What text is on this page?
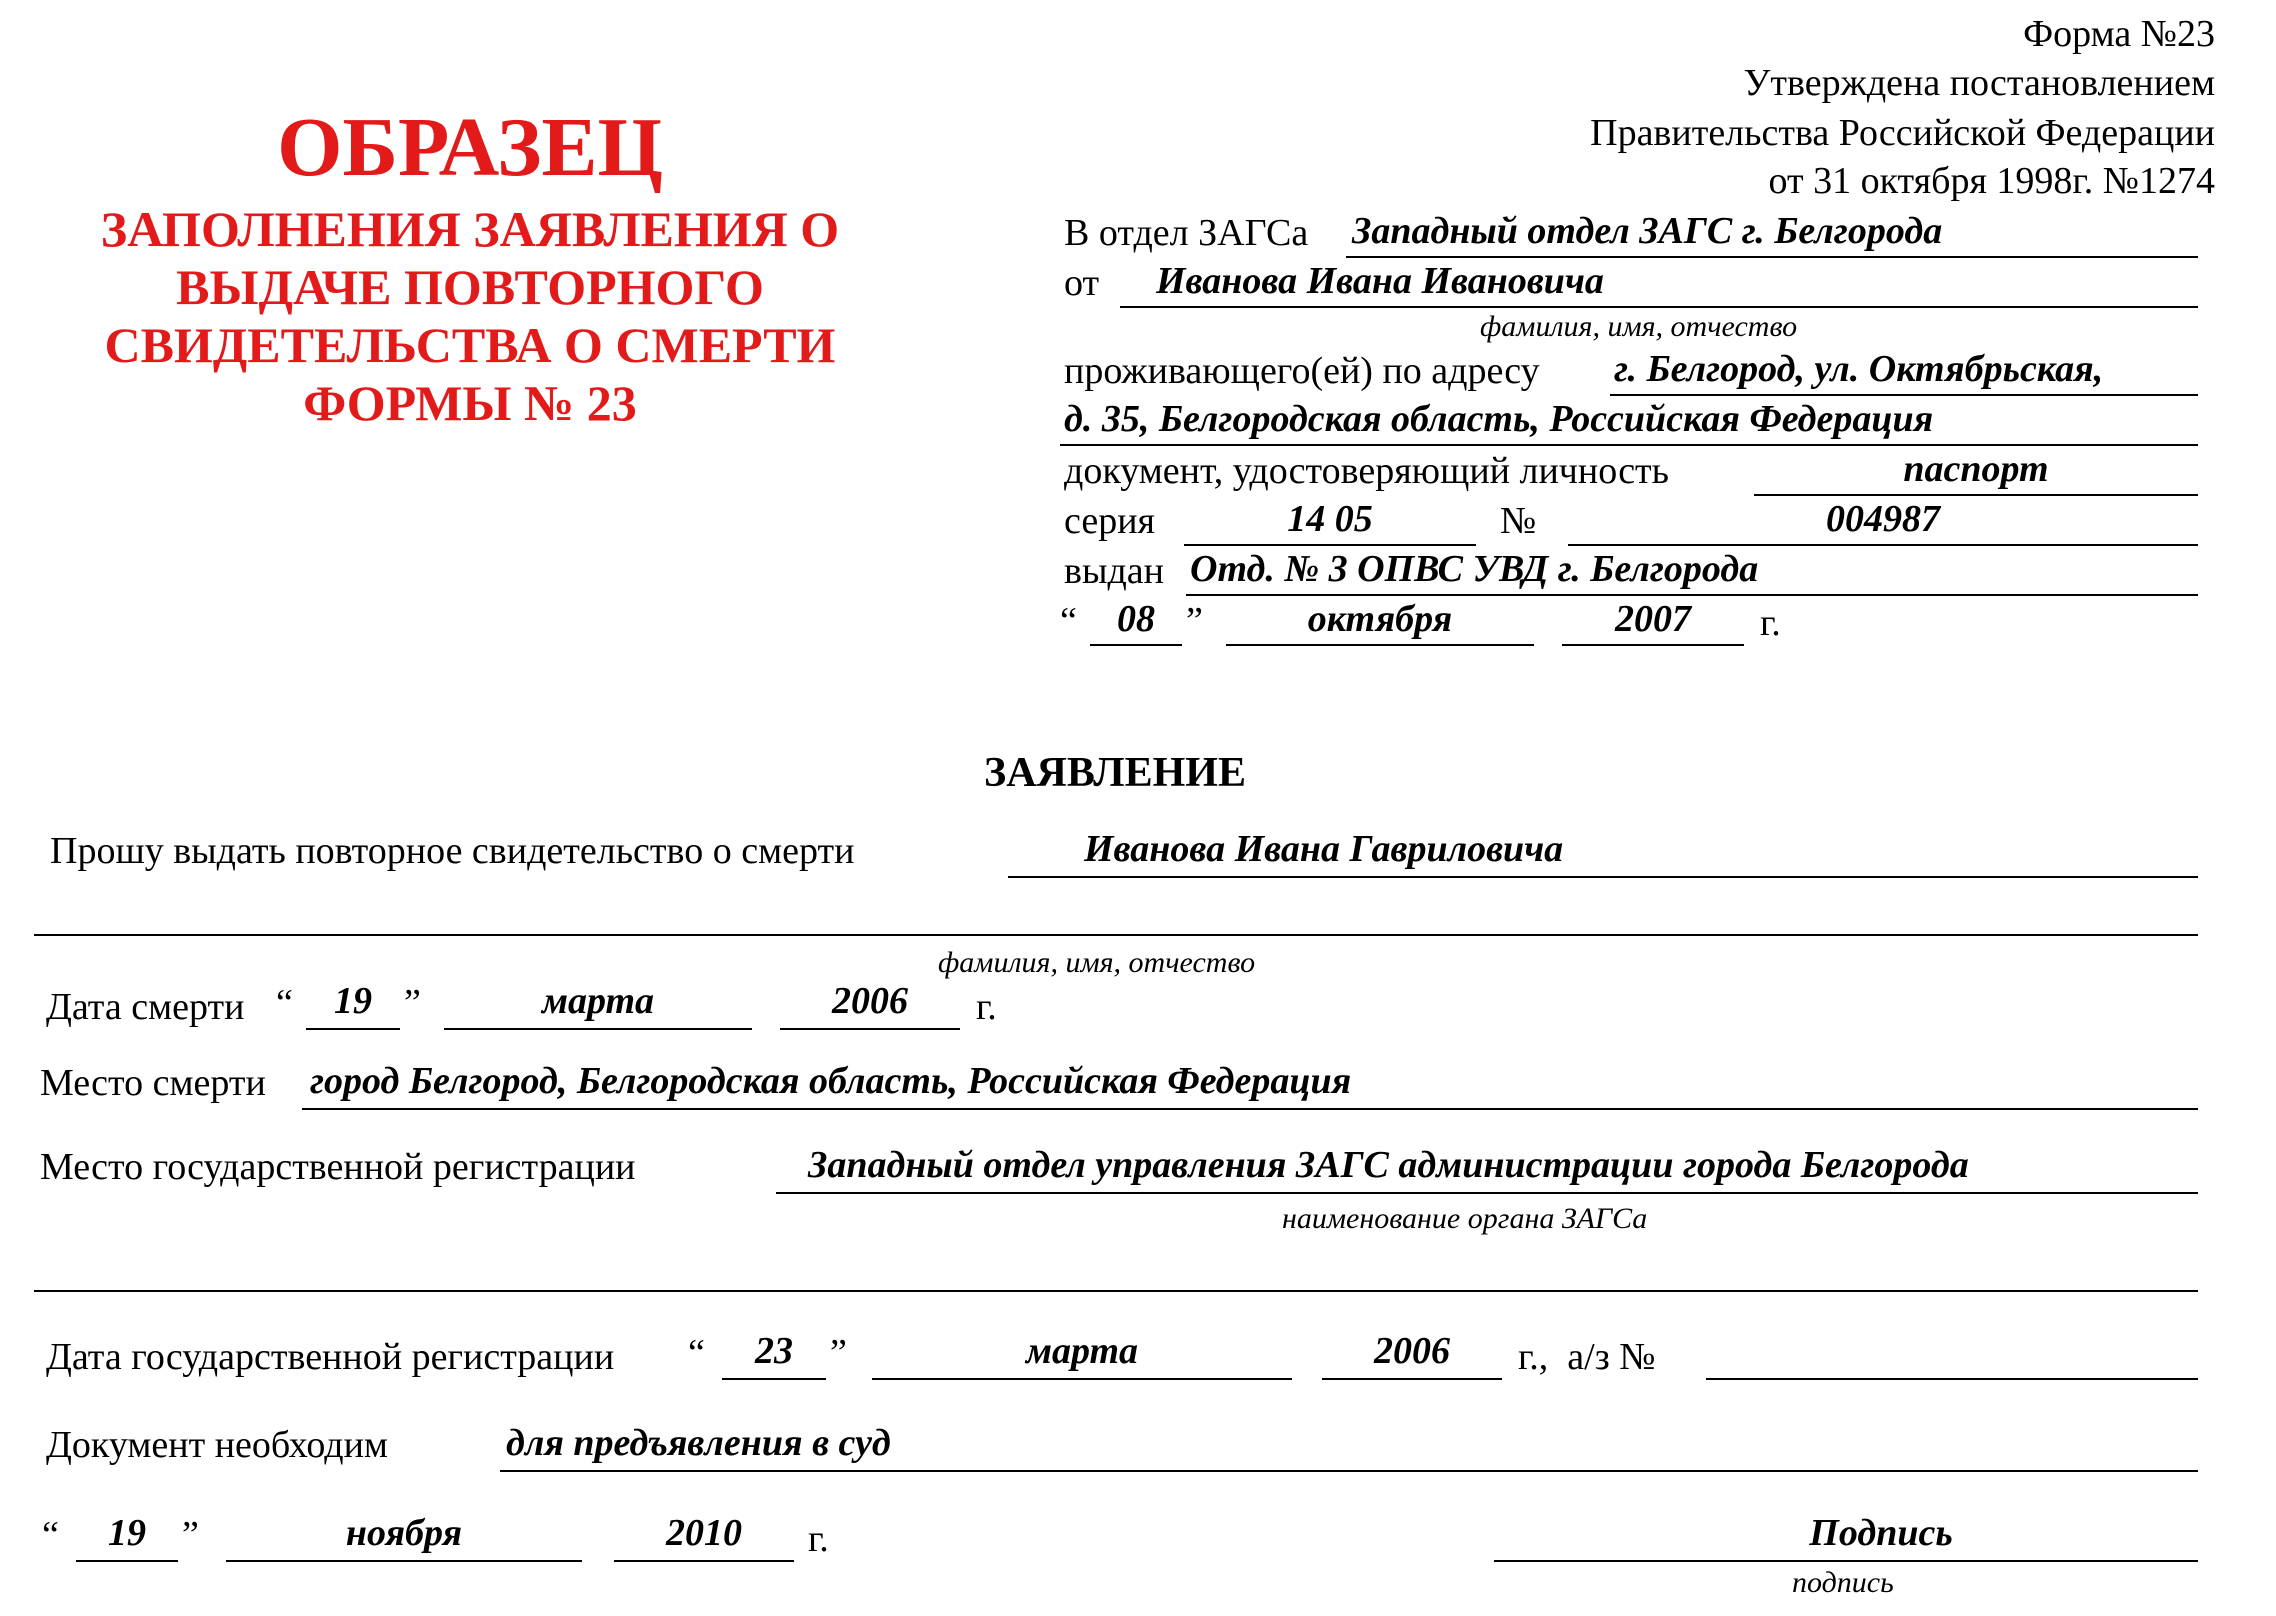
Форма №23
Утверждена постановлением
Правительства Российской Федерации
от 31 октября 1998г. №1274
ОБРАЗЕЦ
ЗАПОЛНЕНИЯ ЗАЯВЛЕНИЯ О
ВЫДАЧЕ ПОВТОРНОГО
СВИДЕТЕЛЬСТВА О СМЕРТИ
ФОРМЫ № 23
В отдел ЗАГСа Западный отдел ЗАГС г. Белгорода
от	Иванова Ивана Ивановича
фамилия, имя, отчество
проживающего(ей) по адресу г. Белгород, ул. Октябрьская,
д. 35, Белгородская область, Российская Федерация
документ, удостоверяющий личность	паспорт
серия	14 05	№	004987
выдан Отд. № 3 ОПВС УВД г. Белгорода
“	08 ”	октября	2007	г.
ЗАЯВЛЕНИЕ
Прошу выдать повторное свидетельство о смерти	Иванова Ивана Гавриловича
фамилия, имя, отчество
Дата смерти “	19 ”	марта	2006	г.
Место смерти город Белгород, Белгородская область, Российская Федерация
Место государственной регистрации	Западный отдел управления ЗАГС администрации города Белгорода
наименование органа ЗАГСа
Дата государственной регистрации “	23 ”	марта	2006	г.,  а/з №
Документ необходим	для предъявления в суд
“	19 ”	ноября	2010	г.	Подпись
подпись
